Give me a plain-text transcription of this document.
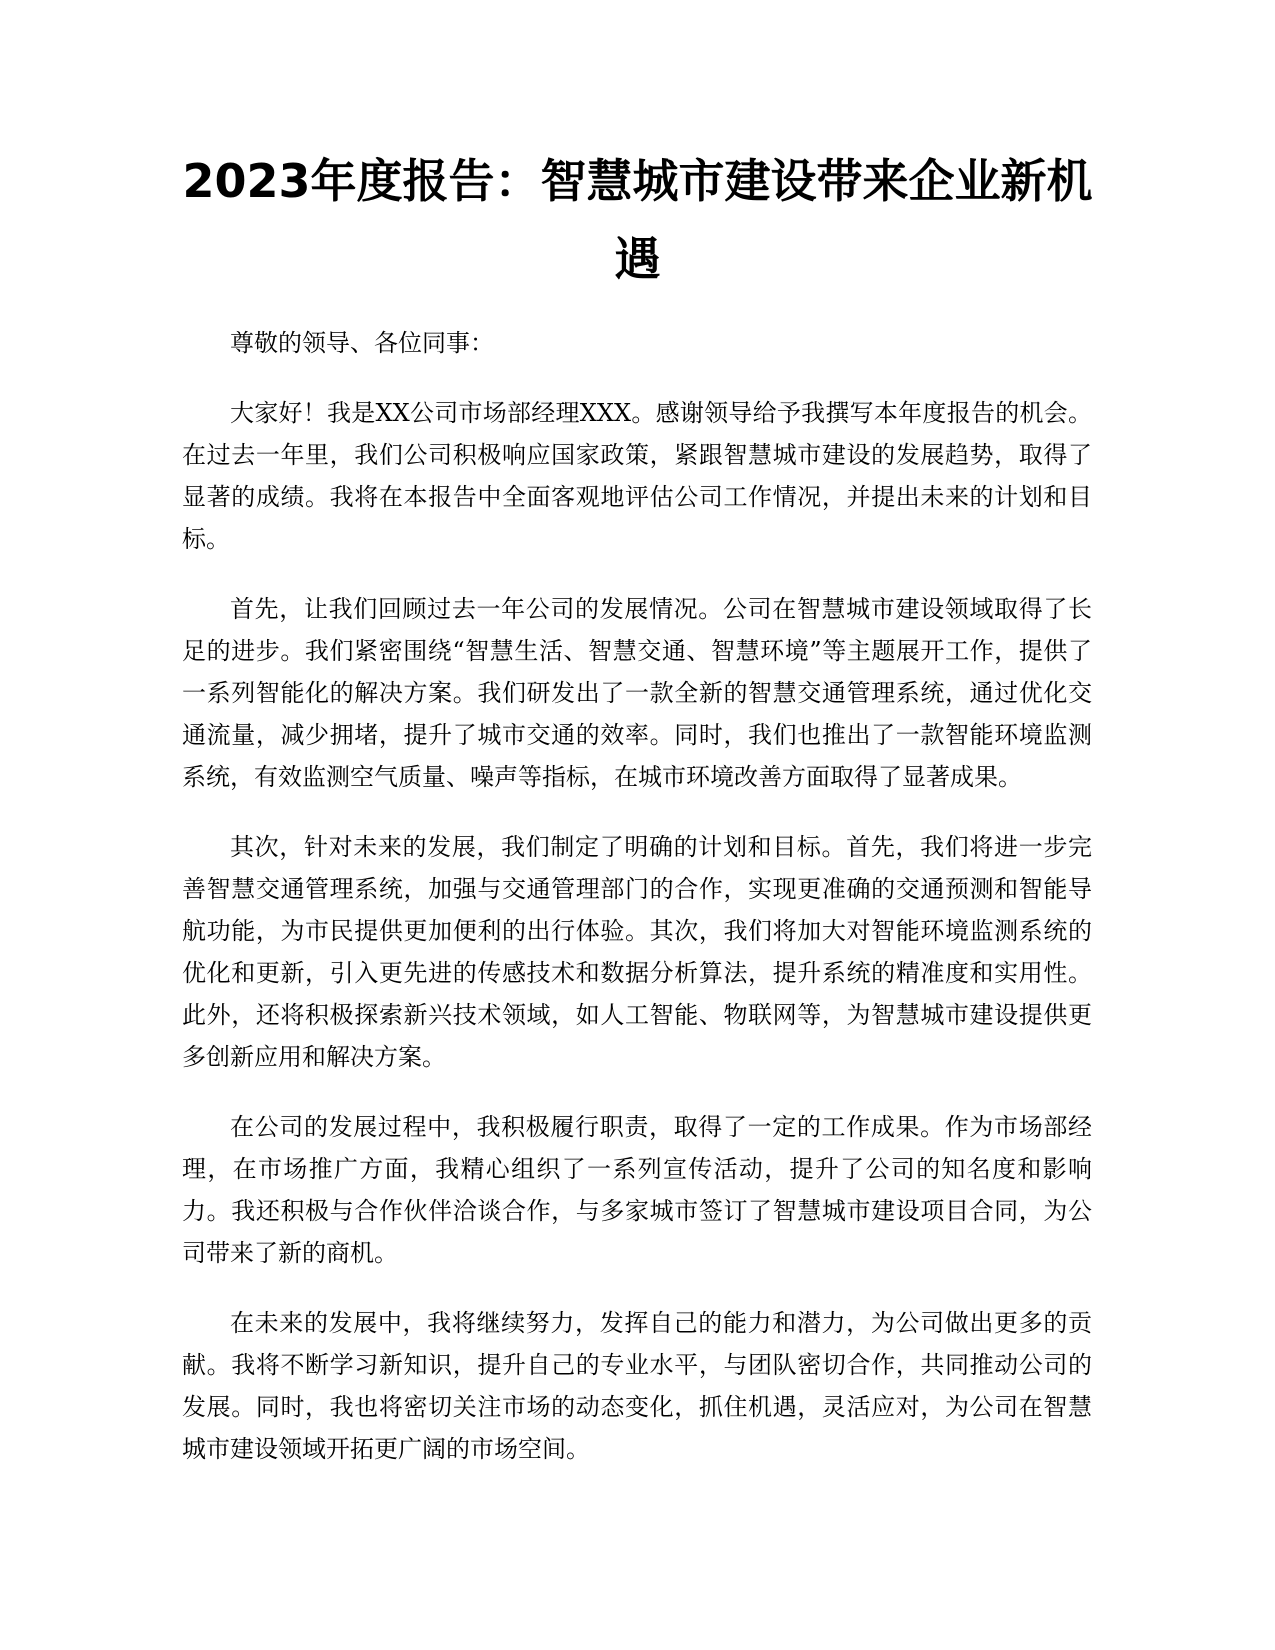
2023年度报告：智慧城市建设带来企业新机遇

尊敬的领导、各位同事：

大家好！我是XX公司市场部经理XXX。感谢领导给予我撰写本年度报告的机会。在过去一年里，我们公司积极响应国家政策，紧跟智慧城市建设的发展趋势，取得了显著的成绩。我将在本报告中全面客观地评估公司工作情况，并提出未来的计划和目标。

首先，让我们回顾过去一年公司的发展情况。公司在智慧城市建设领域取得了长足的进步。我们紧密围绕“智慧生活、智慧交通、智慧环境”等主题展开工作，提供了一系列智能化的解决方案。我们研发出了一款全新的智慧交通管理系统，通过优化交通流量，减少拥堵，提升了城市交通的效率。同时，我们也推出了一款智能环境监测系统，有效监测空气质量、噪声等指标，在城市环境改善方面取得了显著成果。

其次，针对未来的发展，我们制定了明确的计划和目标。首先，我们将进一步完善智慧交通管理系统，加强与交通管理部门的合作，实现更准确的交通预测和智能导航功能，为市民提供更加便利的出行体验。其次，我们将加大对智能环境监测系统的优化和更新，引入更先进的传感技术和数据分析算法，提升系统的精准度和实用性。此外，还将积极探索新兴技术领域，如人工智能、物联网等，为智慧城市建设提供更多创新应用和解决方案。

在公司的发展过程中，我积极履行职责，取得了一定的工作成果。作为市场部经理，在市场推广方面，我精心组织了一系列宣传活动，提升了公司的知名度和影响力。我还积极与合作伙伴洽谈合作，与多家城市签订了智慧城市建设项目合同，为公司带来了新的商机。

在未来的发展中，我将继续努力，发挥自己的能力和潜力，为公司做出更多的贡献。我将不断学习新知识，提升自己的专业水平，与团队密切合作，共同推动公司的发展。同时，我也将密切关注市场的动态变化，抓住机遇，灵活应对，为公司在智慧城市建设领域开拓更广阔的市场空间。
